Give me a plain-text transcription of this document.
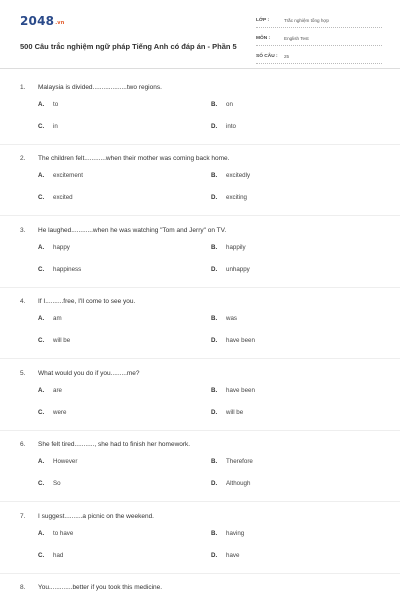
2048.vn
500 Câu trắc nghiệm ngữ pháp Tiếng Anh có đáp án - Phần 5
LỚP :	Trắc nghiệm tổng hợp
MÔN :	English Test
SỐ CÂU :	25
1.	Malaysia is divided...................two regions.
A.	to	B.	on
C.	in	D.	into
2.	The children felt............when their mother was coming back home.
A.	excitement	B.	excitedly
C.	excited	D.	exciting
3.	He laughed............when he was watching "Tom and Jerry" on TV.
A.	happy	B.	happily
C.	happiness	D.	unhappy
4.	If I..........free, I'll come to see you.
A.	am	B.	was
C.	will be	D.	have been
5.	What would you do if you.........me?
A.	are	B.	have been
C.	were	D.	will be
6.	She felt tired..........., she had to finish her homework.
A.	However	B.	Therefore
C.	So	D.	Although
7.	I suggest..........a picnic on the weekend.
A.	to have	B.	having
C.	had	D.	have
8.	You.............better if you took this medicine.
